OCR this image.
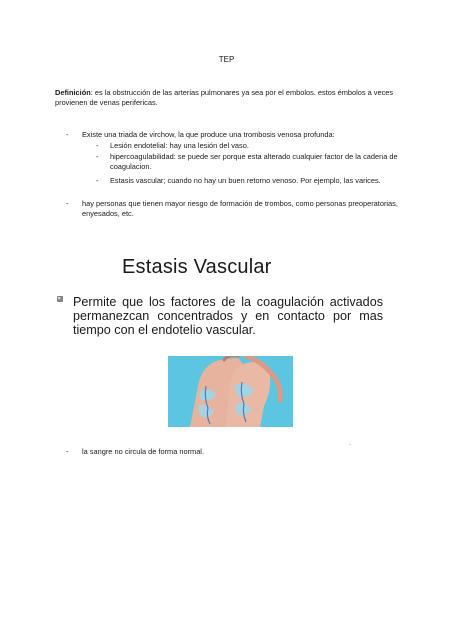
TEP
Definición: es la obstrucción de las arterias pulmonares ya sea por el embolos. estos émbolos a veces provienen de venas perifericas.
- Existe una triada de virchow, la que produce una trombosis venosa profunda:
- Lesión endotelial: hay una lesión del vaso.
- hipercoagulabilidad: se puede ser porque esta alterado cualquier factor de la cadena de coagulacion.
- Estasis vascular; cuando no hay un buen retorno venoso. Por ejemplo, las varices.
- hay personas que tienen mayor riesgo de formación de trombos, como personas preoperatorias, enyesados, etc.
Estasis Vascular
Permite que los factores de la coagulación activados permanezcan concentrados y en contacto por mas tiempo con el endotelio vascular.
-
- la sangre no circula de forma normal.
